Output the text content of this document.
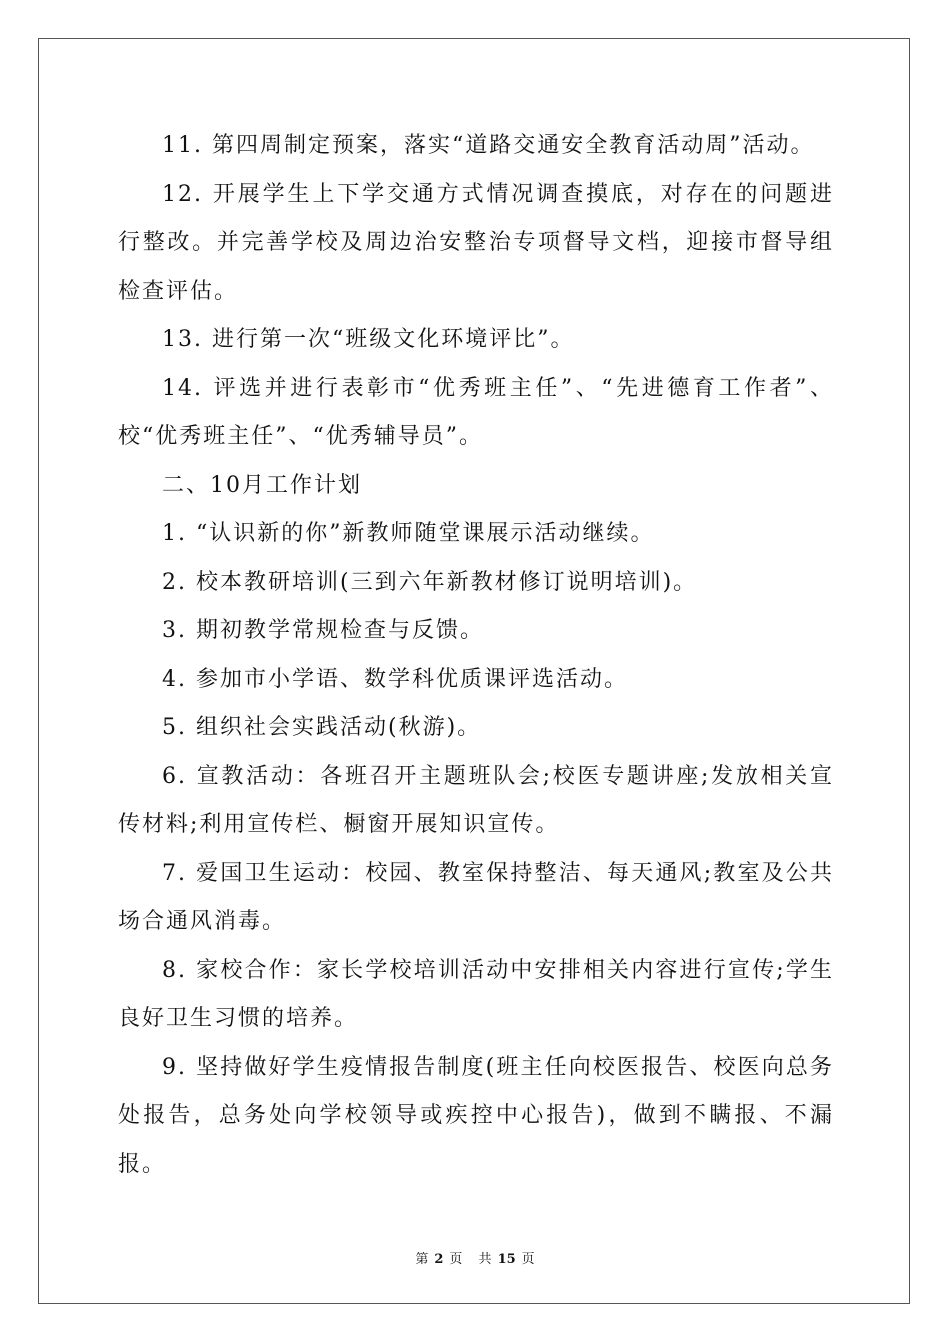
11. 第四周制定预案，落实“道路交通安全教育活动周”活动。

12. 开展学生上下学交通方式情况调查摸底，对存在的问题进行整改。并完善学校及周边治安整治专项督导文档，迎接市督导组检查评估。

13. 进行第一次“班级文化环境评比”。

14. 评选并进行表彰市“优秀班主任”、“先进德育工作者”、校“优秀班主任”、“优秀辅导员”。

二、10月工作计划

1. “认识新的你”新教师随堂课展示活动继续。

2. 校本教研培训(三到六年新教材修订说明培训)。

3. 期初教学常规检查与反馈。

4. 参加市小学语、数学科优质课评选活动。

5. 组织社会实践活动(秋游)。

6. 宣教活动：各班召开主题班队会;校医专题讲座;发放相关宣传材料;利用宣传栏、橱窗开展知识宣传。

7. 爱国卫生运动：校园、教室保持整洁、每天通风;教室及公共场合通风消毒。

8. 家校合作：家长学校培训活动中安排相关内容进行宣传;学生良好卫生习惯的培养。

9. 坚持做好学生疫情报告制度(班主任向校医报告、校医向总务处报告，总务处向学校领导或疾控中心报告)，做到不瞒报、不漏报。

第 2 页 共 15 页
